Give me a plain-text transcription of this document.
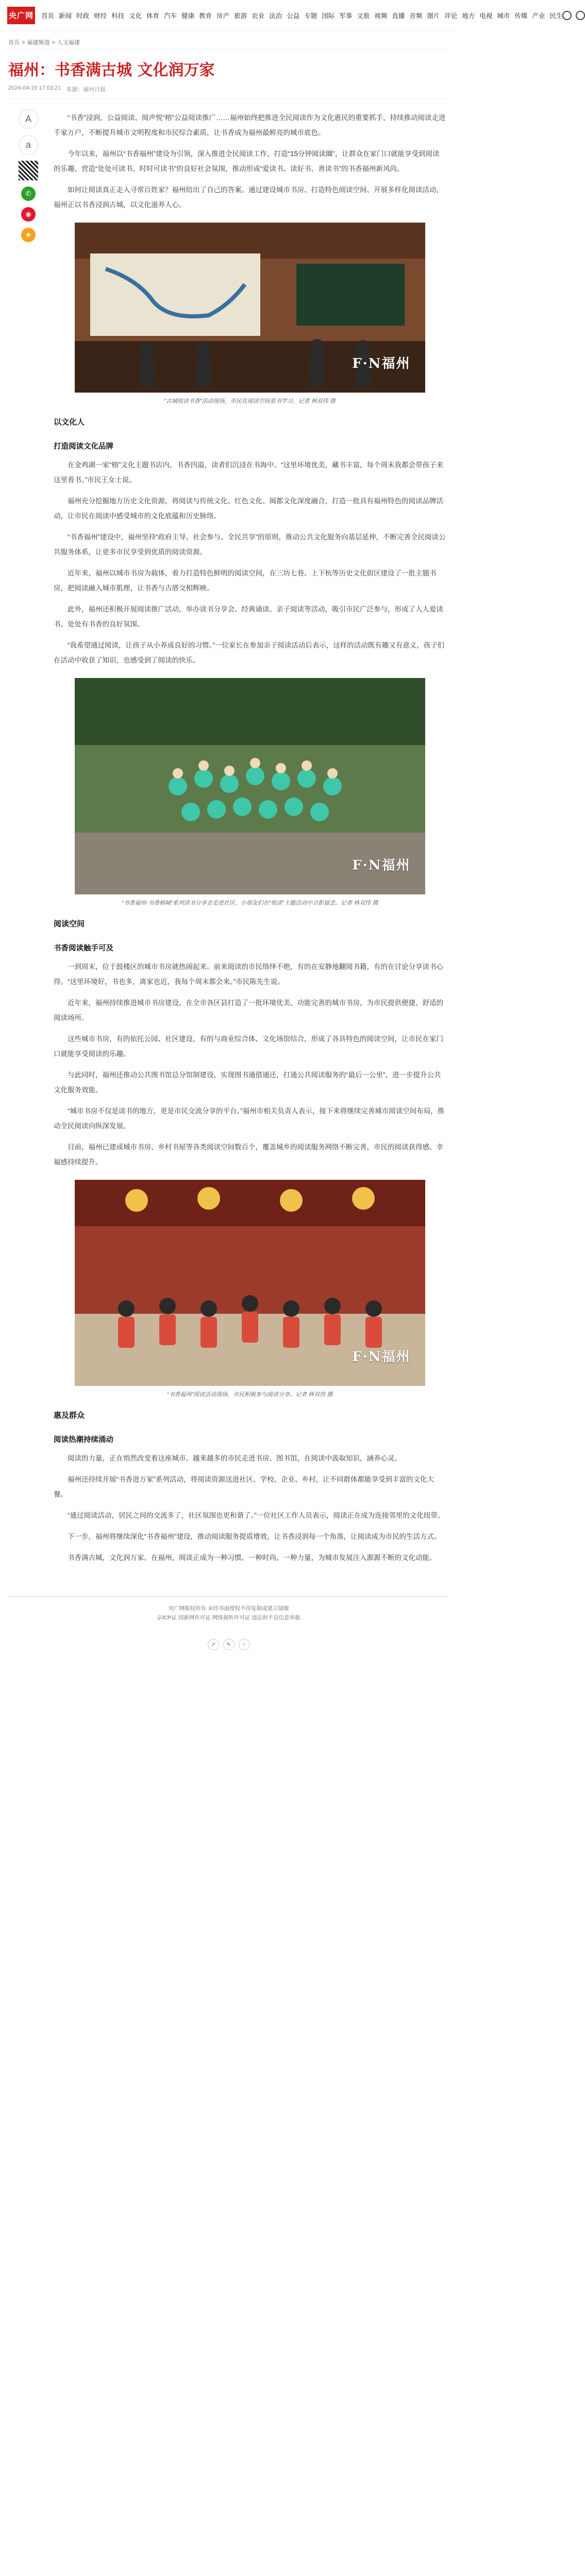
央广网 首页 新闻 时政 财经 科技 文化 体育 汽车 健康 教育 房产 旅游 农业 法治 公益 专题 国际 军事 文旅 视频 直播 音频 图片 评论 地方 电视 城市 传媒 产业 民生
首页 > 福建频道 > 人文福建
福州：书香满古城 文化润万家
2024-04-19 17:03:21 来源：福州日报
A
a
✆
◉
★

“书香”浸润，公益阅读、阅声悦“榕”公益阅读推广……福州始终把推进全民阅读作为文化惠民的重要抓手，持续推动阅读走进千家万户，不断提升城市文明程度和市民综合素质，让书香成为福州最鲜亮的城市底色。

今年以来，福州以“书香福州”建设为引领，深入推进全民阅读工作，打造“15分钟阅读圈”，让群众在家门口就能享受到阅读的乐趣，营造“处处可读书、时时可读书”的良好社会氛围，推动形成“爱读书、读好书、善读书”的书香福州新风尚。

如何让阅读真正走入寻常百姓家？福州给出了自己的答案。通过建设城市书房、打造特色阅读空间、开展多样化阅读活动，福州正以书香浸润古城，以文化滋养人心。

F·N福州
“古城悦读书香”活动现场，市民在阅读空间看书学习。记者 林双伟 摄
以文化人
打造阅读文化品牌

在金鸡湖一家“榕”文化主题书店内，书香四溢，读者们沉浸在书海中。“这里环境优美，藏书丰富，每个周末我都会带孩子来这里看书。”市民王女士说。

福州充分挖掘地方历史文化资源，将阅读与传统文化、红色文化、闽都文化深度融合，打造一批具有福州特色的阅读品牌活动，让市民在阅读中感受城市的文化底蕴和历史脉络。

“书香福州”建设中，福州坚持“政府主导、社会参与、全民共享”的原则，推动公共文化服务向基层延伸，不断完善全民阅读公共服务体系，让更多市民享受到优质的阅读资源。

近年来，福州以城市书房为载体，着力打造特色鲜明的阅读空间，在三坊七巷、上下杭等历史文化街区建设了一批主题书房，把阅读融入城市肌理，让书香与古厝交相辉映。

此外，福州还积极开展阅读推广活动，举办读书分享会、经典诵读、亲子阅读等活动，吸引市民广泛参与，形成了人人爱读书、处处有书香的良好氛围。

“我希望通过阅读，让孩子从小养成良好的习惯。”一位家长在参加亲子阅读活动后表示，这样的活动既有趣又有意义，孩子们在活动中收获了知识，也感受到了阅读的快乐。

F·N福州
“书香福州·书香榕城”系列读书分享会走进社区，小朋友们在“悦读”主题活动中合影留念。记者 林双伟 摄
阅读空间
书香阅读触手可及

一到周末，位于鼓楼区的城市书房就热闹起来。前来阅读的市民络绎不绝，有的在安静地翻阅书籍，有的在讨论分享读书心得。“这里环境好，书也多，离家也近，我每个周末都会来。”市民陈先生说。

近年来，福州持续推进城市书房建设，在全市各区县打造了一批环境优美、功能完善的城市书房，为市民提供便捷、舒适的阅读场所。

这些城市书房，有的依托公园、社区建设，有的与商业综合体、文化场馆结合，形成了各具特色的阅读空间，让市民在家门口就能享受阅读的乐趣。

与此同时，福州还推动公共图书馆总分馆制建设，实现图书通借通还，打通公共阅读服务的“最后一公里”，进一步提升公共文化服务效能。

“城市书房不仅是读书的地方，更是市民交流分享的平台。”福州市相关负责人表示，接下来将继续完善城市阅读空间布局，推动全民阅读向纵深发展。

目前，福州已建成城市书房、乡村书屋等各类阅读空间数百个，覆盖城乡的阅读服务网络不断完善，市民的阅读获得感、幸福感持续提升。

F·N福州
“书香福州”阅读活动现场，市民积极参与阅读分享。记者 林双伟 摄
惠及群众
阅读热潮持续涌动

阅读的力量，正在悄然改变着这座城市。越来越多的市民走进书房、图书馆，在阅读中汲取知识，涵养心灵。

福州还持续开展“书香进万家”系列活动，将阅读资源送进社区、学校、企业、乡村，让不同群体都能享受到丰富的文化大餐。

“通过阅读活动，居民之间的交流多了，社区氛围也更和谐了。”一位社区工作人员表示，阅读正在成为连接邻里的文化纽带。

下一步，福州将继续深化“书香福州”建设，推动阅读服务提质增效，让书香浸润每一个角落，让阅读成为市民的生活方式。

书香满古城，文化润万家。在福州，阅读正成为一种习惯、一种时尚、一种力量，为城市发展注入源源不断的文化动能。

央广网版权所有 未经书面授权不得复制或建立镜像
京ICP证 国新网许可证 网络视听许可证 违法和不良信息举报
↗	✎	↑
